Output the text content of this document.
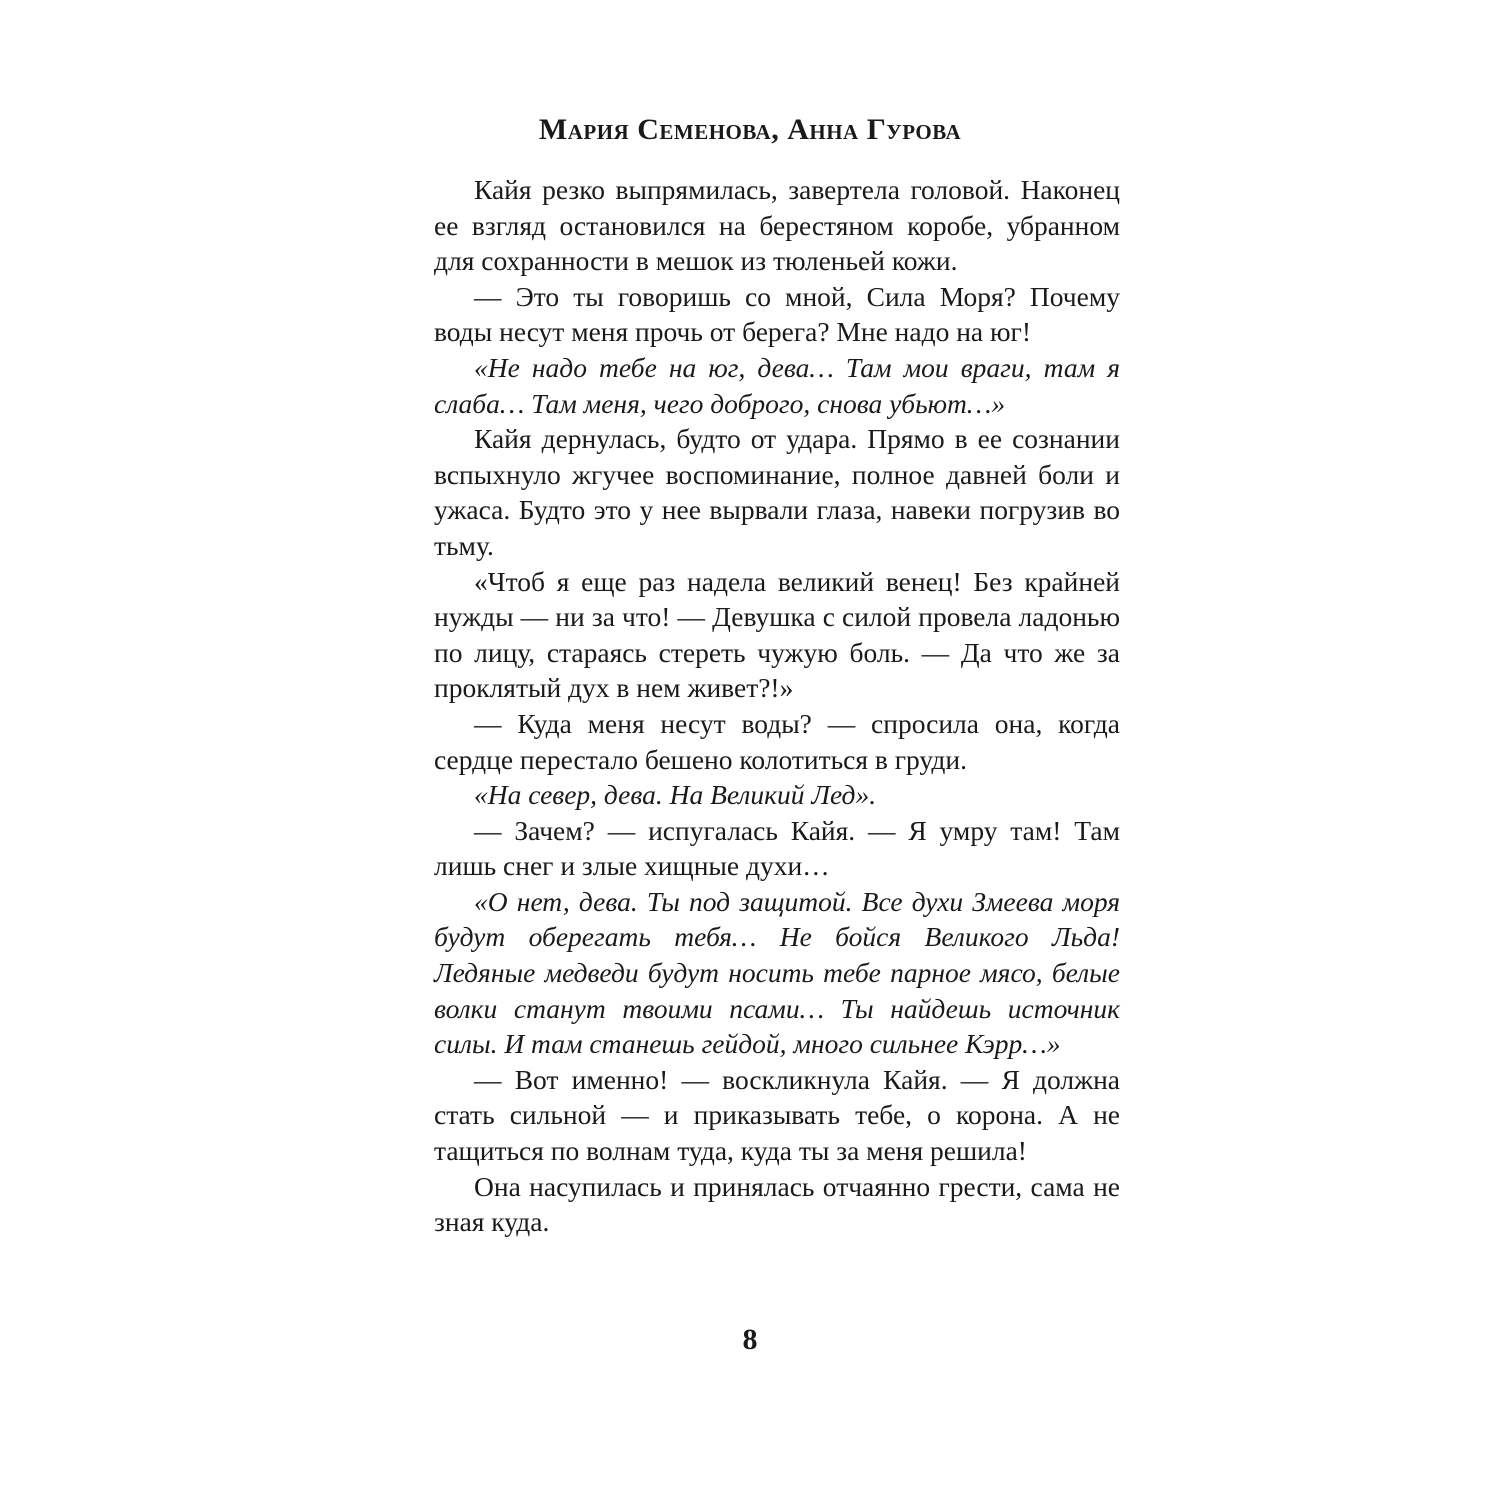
Мария Семенова, Анна Гурова

Кайя резко выпрямилась, завертела головой. Наконец ее взгляд остановился на берестяном коробе, убранном для сохранности в мешок из тюленьей кожи.

— Это ты говоришь со мной, Сила Моря? Почему воды несут меня прочь от берега? Мне надо на юг!

«Не надо тебе на юг, дева… Там мои враги, там я слаба… Там меня, чего доброго, снова убьют…»

Кайя дернулась, будто от удара. Прямо в ее сознании вспыхнуло жгучее воспоминание, полное давней боли и ужаса. Будто это у нее вырвали глаза, навеки погрузив во тьму.

«Чтоб я еще раз надела великий венец! Без крайней нужды — ни за что! — Девушка с силой провела ладонью по лицу, стараясь стереть чужую боль. — Да что же за проклятый дух в нем живет?!»

— Куда меня несут воды? — спросила она, когда сердце перестало бешено колотиться в груди.

«На север, дева. На Великий Лед».

— Зачем? — испугалась Кайя. — Я умру там! Там лишь снег и злые хищные духи…

«О нет, дева. Ты под защитой. Все духи Змеева моря будут оберегать тебя… Не бойся Великого Льда! Ледяные медведи будут носить тебе парное мясо, белые волки станут твоими псами… Ты найдешь источник силы. И там станешь гейдой, много сильнее Кэрр…»

— Вот именно! — воскликнула Кайя. — Я должна стать сильной — и приказывать тебе, о корона. А не тащиться по волнам туда, куда ты за меня решила!

Она насупилась и принялась отчаянно грести, сама не зная куда.

8
